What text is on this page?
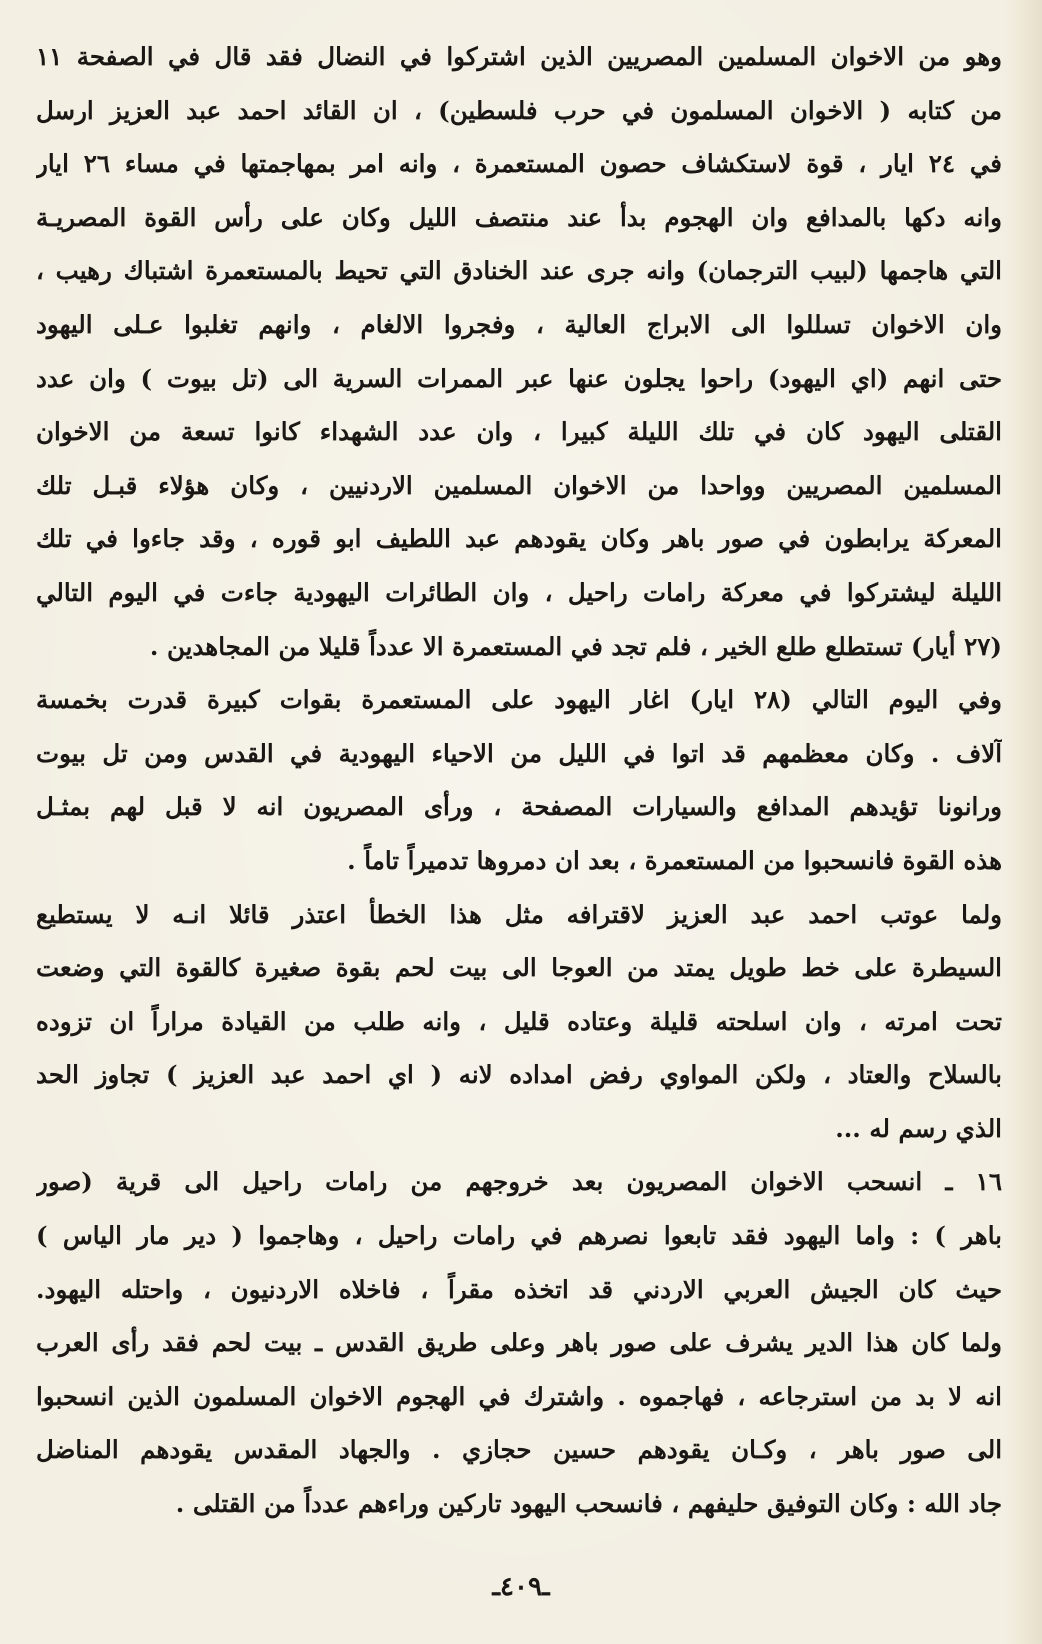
وهو من الاخوان المسلمين المصريين الذين اشتركوا في النضال فقد قال في الصفحة ١١
من كتابه ( الاخوان المسلمون في حرب فلسطين) ، ان القائد احمد عبد العزيز ارسل
في ٢٤ ايار ، قوة لاستكشاف حصون المستعمرة ، وانه امر بمهاجمتها في مساء ٢٦ ايار
وانه دكها بالمدافع وان الهجوم بدأ عند منتصف الليل وكان على رأس القوة المصريـة
التي هاجمها (لبيب الترجمان) وانه جرى عند الخنادق التي تحيط بالمستعمرة اشتباك رهيب ،
وان الاخوان تسللوا الى الابراج العالية ، وفجروا الالغام ، وانهم تغلبوا عـلى اليهود
حتى انهم (اي اليهود) راحوا يجلون عنها عبر الممرات السرية الى (تل بيوت ) وان عدد
القتلى اليهود كان في تلك الليلة كبيرا ، وان عدد الشهداء كانوا تسعة من الاخوان
المسلمين المصريين وواحدا من الاخوان المسلمين الاردنيين ، وكان هؤلاء قبـل تلك
المعركة يرابطون في صور باهر وكان يقودهم عبد اللطيف ابو قوره ، وقد جاءوا في تلك
الليلة ليشتركوا في معركة رامات راحيل ، وان الطائرات اليهودية جاءت في اليوم التالي
(٢٧ أيار) تستطلع طلع الخير ، فلم تجد في المستعمرة الا عدداً قليلا من المجاهدين .
وفي اليوم التالي (٢٨ ايار) اغار اليهود على المستعمرة بقوات كبيرة قدرت بخمسة
آلاف . وكان معظمهم قد اتوا في الليل من الاحياء اليهودية في القدس ومن تل بيوت
ورانونا تؤيدهم المدافع والسيارات المصفحة ، ورأى المصريون انه لا قبل لهم بمثـل
هذه القوة فانسحبوا من المستعمرة ، بعد ان دمروها تدميراً تاماً .
ولما عوتب احمد عبد العزيز لاقترافه مثل هذا الخطأ اعتذر قائلا انـه لا يستطيع
السيطرة على خط طويل يمتد من العوجا الى بيت لحم بقوة صغيرة كالقوة التي وضعت
تحت امرته ، وان اسلحته قليلة وعتاده قليل ، وانه طلب من القيادة مراراً ان تزوده
بالسلاح والعتاد ، ولكن المواوي رفض امداده لانه ( اي احمد عبد العزيز ) تجاوز الحد
الذي رسم له ...
١٦ ـ انسحب الاخوان المصريون بعد خروجهم من رامات راحيل الى قرية (صور
باهر ) : واما اليهود فقد تابعوا نصرهم في رامات راحيل ، وهاجموا ( دير مار الياس )
حيث كان الجيش العربي الاردني قد اتخذه مقراً ، فاخلاه الاردنيون ، واحتله اليهود.
ولما كان هذا الدير يشرف على صور باهر وعلى طريق القدس ـ بيت لحم فقد رأى العرب
انه لا بد من استرجاعه ، فهاجموه . واشترك في الهجوم الاخوان المسلمون الذين انسحبوا
الى صور باهر ، وكـان يقودهم حسين حجازي . والجهاد المقدس يقودهم المناضل
جاد الله : وكان التوفيق حليفهم ، فانسحب اليهود تاركين وراءهم عدداً من القتلى .
ـ٤٠٩ـ
